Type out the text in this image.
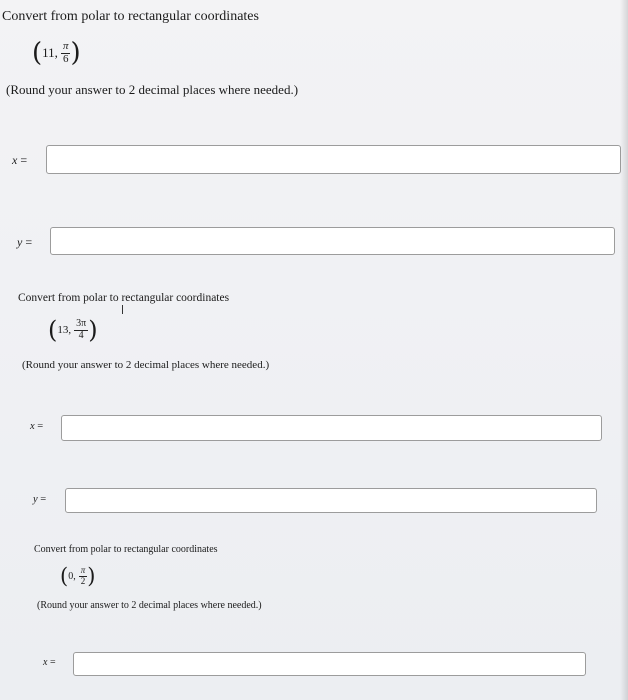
Convert from polar to rectangular coordinates
( 11, $\frac{\pi}{6}$ )
(Round your answer to 2 decimal places where needed.)
x =
y =
Convert from polar to rectangular coordinates
( 13, $\frac{3\pi}{4}$ )
(Round your answer to 2 decimal places where needed.)
x =
y =
Convert from polar to rectangular coordinates
( 0, $\frac{\pi}{2}$ )
(Round your answer to 2 decimal places where needed.)
x =
